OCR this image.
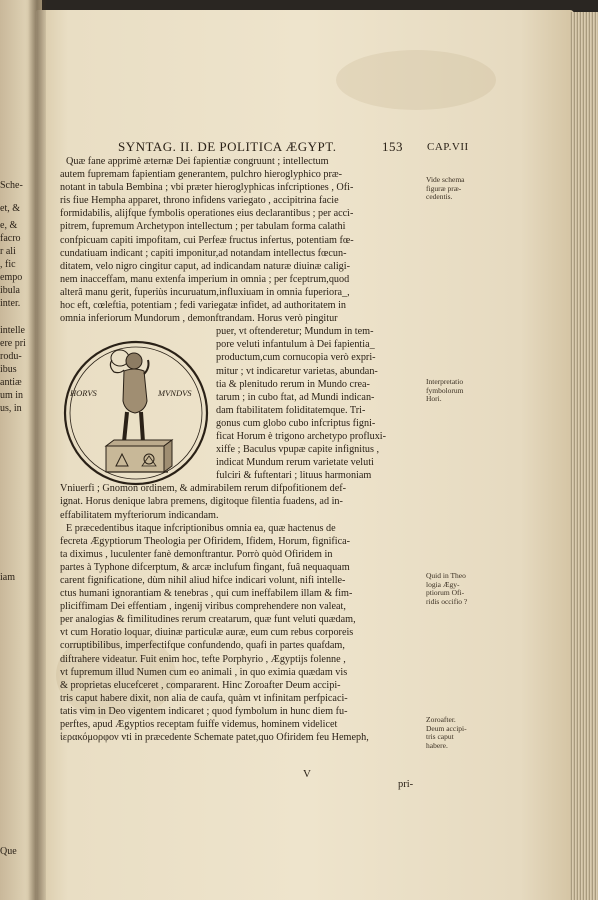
Sche-
et, &
e, &
facro
r ali
, fic
empo
ibula
inter.
intelle
ere pri
rodu-
ibus
antiæ
um in
us, in
iam
Que
SYNTAG. II. DE POLITICA ÆGYPT.	153 CAP.VII
Quæ fane apprimè æternæ Dei fapientiæ congruunt ; intellectum
autem fupremam fapientiam generantem, pulchro hieroglyphico præ-
notant in tabula Bembina ; vbi præter hieroglyphicas infcriptiones , Ofi-
ris fiue Hempha apparet, throno infidens variegato , accipitrina facie
formidabilis, alijfque fymbolis operationes eius declarantibus ; per accì-
pitrem, fupremum Archetypon intellectum ; per tabulam forma calathi
confpicuam capiti impofitam, cui Perfeæ fructus infertus, potentiam fœ-
cundatiuam indicant ; capiti imponitur,ad notandam intellectus fœcun-
ditatem, velo nigro cingitur caput, ad indicandam naturæ diuinæ caligi-
nem inacceffam, manu extenfa imperium in omnia ; per fceptrum,quod
alterâ manu gerit, fuperiùs incuruatum,influxiuam in omnia fuperiora_,
hoc eft, cœleftia, potentiam ; fedi variegatæ infidet, ad authoritatem in
omnia inferiorum Mundorum , demonftrandam. Horus verò pingitur
puer, vt oftenderetur; Mundum in tem-
pore veluti infantulum à Dei fapientia_
productum,cum cornucopia verò expri-
mitur ; vt indicaretur varietas, abundan-
tia & plenitudo rerum in Mundo crea-
tarum ; in cubo ftat, ad Mundi indican-
dam ftabilitatem foliditatemque. Tri-
gonus cum globo cubo infcriptus figni-
ficat Horum è trigono archetypo profluxi-
xiffe ; Baculus vpupæ capite infignitus ,
indicat Mundum rerum varietate veluti
fulciri & fuftentari ; lituus harmoniam
Vniuerfi ; Gnomon ordinem, & admirabilem rerum difpofitionem def-
ignat. Horus denique labra premens, digitoque filentia fuadens, ad in-
effabilitatem myfteriorum indicandam.
E præcedentibus itaque infcriptionibus omnia ea, quæ hactenus de
fecreta Ægyptiorum Theologia per Ofiridem, Ifidem, Horum, fignifica-
ta diximus , luculenter fanè demonftrantur. Porrò quòd Ofiridem in
partes à Typhone difcerptum, & arcæ inclufum fingant, fuâ nequaquam
carent fignificatione, dùm nihil aliud hifce indicari volunt, nifi intelle-
ctus humani ignorantiam & tenebras , qui cum ineffabilem illam & fim-
pliciffimam Dei effentiam , ingenij viribus comprehendere non valeat,
per analogias & fimilitudines rerum creatarum, quæ funt veluti quædam,
vt cum Horatio loquar, diuinæ particulæ auræ, eum cum rebus corporeis
corruptibilibus, imperfectifque confundendo, quafi in partes quafdam,
diftrahere videatur. Fuit enim hoc, tefte Porphyrio , Ægyptijs folenne ,
vt fupremum illud Numen cum eo animali , in quo eximia quædam vis
& proprietas elucefceret , compararent. Hinc Zoroafter Deum accipi-
tris caput habere dixit, non alia de caufa, quàm vt infinitam perfpicaci-
tatis vim in Deo vigentem indicaret ; quod fymbolum in hunc diem fu-
perftes, apud Ægyptios receptam fuiffe videmus, hominem videlicet
ἱερακόμορφον vti in præcedente Schemate patet,quo Ofiridem feu Hemeph,
HORVS	MVNDVS
Vide schema
figuræ præ-
cedentis.
Interpretatio
fymbolorum
Hori.
Quid in Theo
logia Ægy-
ptiorum Ofi-
ridis occifio ?
Zoroafter.
Deum accipi-
tris caput
habere.
V
pri-
